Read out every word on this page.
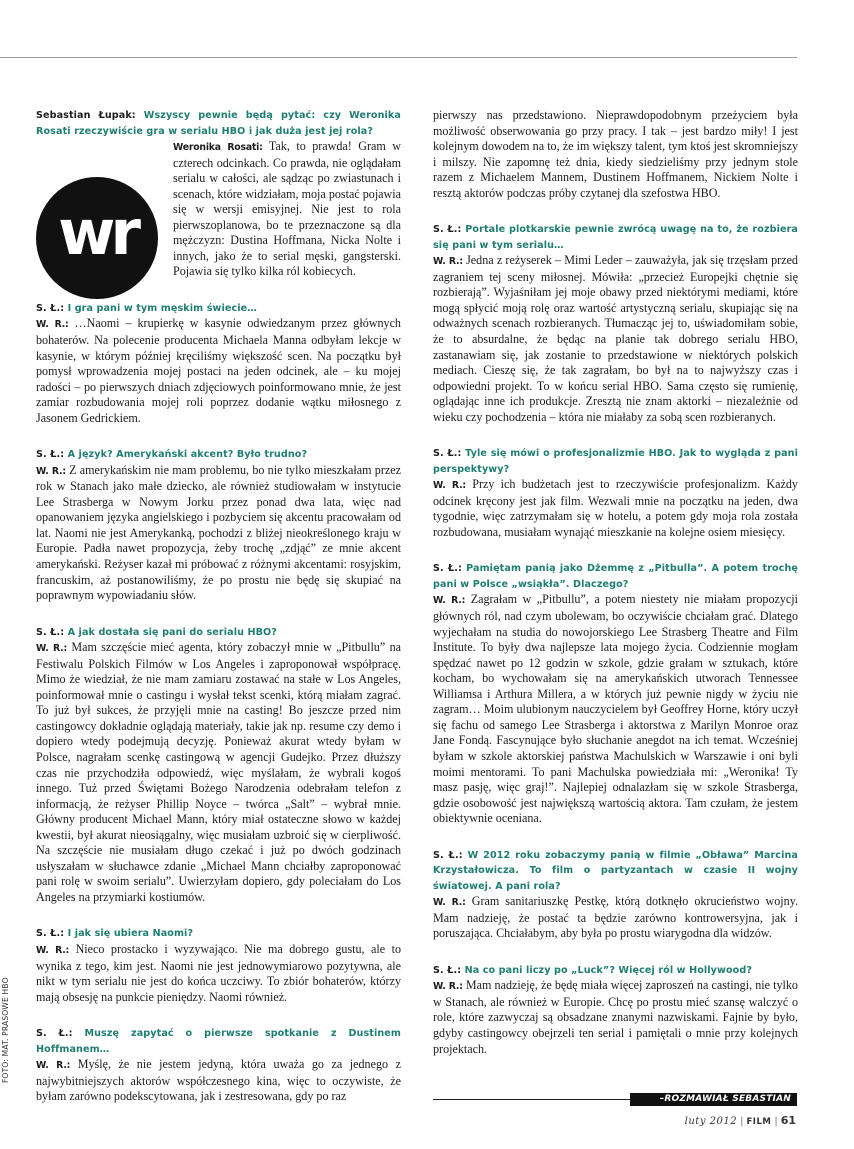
Sebastian Łupak: Wszyscy pewnie będą pytać: czy Weronika Rosati rzeczywiście gra w serialu HBO i jak duża jest jej rola?
wr

Weronika Rosati: Tak, to prawda! Gram w czterech odcinkach. Co prawda, nie oglądałam serialu w całości, ale sądząc po zwiastunach i scenach, które widziałam, moja postać pojawia się w wersji emisyjnej. Nie jest to rola pierwszoplanowa, bo te przeznaczone są dla mężczyzn: Dustina Hoffmana, Nicka Nolte i innych, jako że to serial męski, gangsterski. Pojawia się tylko kilka ról kobiecych.

S. Ł.: I gra pani w tym męskim świecie…

W. R.: …Naomi – krupierkę w kasynie odwiedzanym przez głównych bohaterów. Na polecenie producenta Michaela Manna odbyłam lekcje w kasynie, w którym później kręciliśmy większość scen. Na początku był pomysł wprowadzenia mojej postaci na jeden odcinek, ale – ku mojej radości – po pierwszych dniach zdjęciowych poinformowano mnie, że jest zamiar rozbudowania mojej roli poprzez dodanie wątku miłosnego z Jasonem Gedrickiem.

S. Ł.: A język? Amerykański akcent? Było trudno?

W. R.: Z amerykańskim nie mam problemu, bo nie tylko mieszkałam przez rok w Stanach jako małe dziecko, ale również studiowałam w instytucie Lee Strasberga w Nowym Jorku przez ponad dwa lata, więc nad opanowaniem języka angielskiego i pozbyciem się akcentu pracowałam od lat. Naomi nie jest Amerykanką, pochodzi z bliżej nieokreślonego kraju w Europie. Padła nawet propozycja, żeby trochę „zdjąć” ze mnie akcent amerykański. Reżyser kazał mi próbować z różnymi akcentami: rosyjskim, francuskim, aż postanowiliśmy, że po prostu nie będę się skupiać na poprawnym wypowiadaniu słów.

S. Ł.: A jak dostała się pani do serialu HBO?

W. R.: Mam szczęście mieć agenta, który zobaczył mnie w „Pitbullu” na Festiwalu Polskich Filmów w Los Angeles i zaproponował współpracę. Mimo że wiedział, że nie mam zamiaru zostawać na stałe w Los Angeles, poinformował mnie o castingu i wysłał tekst scenki, którą miałam zagrać. To już był sukces, że przyjęli mnie na casting! Bo jeszcze przed nim castingowcy dokładnie oglądają materiały, takie jak np. resume czy demo i dopiero wtedy podejmują decyzję. Ponieważ akurat wtedy byłam w Polsce, nagrałam scenkę castingową w agencji Gudejko. Przez dłuższy czas nie przychodziła odpowiedź, więc myślałam, że wybrali kogoś innego. Tuż przed Świętami Bożego Narodzenia odebrałam telefon z informacją, że reżyser Phillip Noyce – twórca „Salt” – wybrał mnie. Główny producent Michael Mann, który miał ostateczne słowo w każdej kwestii, był akurat nieosiągalny, więc musiałam uzbroić się w cierpliwość. Na szczęście nie musiałam długo czekać i już po dwóch godzinach usłyszałam w słuchawce zdanie „Michael Mann chciałby zaproponować pani rolę w swoim serialu”. Uwierzyłam dopiero, gdy poleciałam do Los Angeles na przymiarki kostiumów.

S. Ł.: I jak się ubiera Naomi?

W. R.: Nieco prostacko i wyzywająco. Nie ma dobrego gustu, ale to wynika z tego, kim jest. Naomi nie jest jednowymiarowo pozytywna, ale nikt w tym serialu nie jest do końca uczciwy. To zbiór bohaterów, którzy mają obsesję na punkcie pieniędzy. Naomi również.

S. Ł.: Muszę zapytać o pierwsze spotkanie z Dustinem Hoffmanem…

W. R.: Myślę, że nie jestem jedyną, która uważa go za jednego z najwybitniejszych aktorów współczesnego kina, więc to oczywiste, że byłam zarówno podekscytowana, jak i zestresowana, gdy po raz

pierwszy nas przedstawiono. Nieprawdopodobnym przeżyciem była możliwość obserwowania go przy pracy. I tak – jest bardzo miły! I jest kolejnym dowodem na to, że im większy talent, tym ktoś jest skromniejszy i milszy. Nie zapomnę też dnia, kiedy siedzieliśmy przy jednym stole razem z Michaelem Mannem, Dustinem Hoffmanem, Nickiem Nolte i resztą aktorów podczas próby czytanej dla szefostwa HBO.

S. Ł.: Portale plotkarskie pewnie zwrócą uwagę na to, że rozbiera się pani w tym serialu…

W. R.: Jedna z reżyserek – Mimi Leder – zauważyła, jak się trzęsłam przed zagraniem tej sceny miłosnej. Mówiła: „przecież Europejki chętnie się rozbierają”. Wyjaśniłam jej moje obawy przed niektórymi mediami, które mogą spłycić moją rolę oraz wartość artystyczną serialu, skupiając się na odważnych scenach rozbieranych. Tłumacząc jej to, uświadomiłam sobie, że to absurdalne, że będąc na planie tak dobrego serialu HBO, zastanawiam się, jak zostanie to przedstawione w niektórych polskich mediach. Cieszę się, że tak zagrałam, bo był na to najwyższy czas i odpowiedni projekt. To w końcu serial HBO. Sama często się rumienię, oglądając inne ich produkcje. Zresztą nie znam aktorki – niezależnie od wieku czy pochodzenia – która nie miałaby za sobą scen rozbieranych.

S. Ł.: Tyle się mówi o profesjonalizmie HBO. Jak to wygląda z pani perspektywy?

W. R.: Przy ich budżetach jest to rzeczywiście profesjonalizm. Każdy odcinek kręcony jest jak film. Wezwali mnie na początku na jeden, dwa tygodnie, więc zatrzymałam się w hotelu, a potem gdy moja rola została rozbudowana, musiałam wynająć mieszkanie na kolejne osiem miesięcy.

S. Ł.: Pamiętam panią jako Dżemmę z „Pitbulla”. A potem trochę pani w Polsce „wsiąkła”. Dlaczego?

W. R.: Zagrałam w „Pitbullu”, a potem niestety nie miałam propozycji głównych ról, nad czym ubolewam, bo oczywiście chciałam grać. Dlatego wyjechałam na studia do nowojorskiego Lee Strasberg Theatre and Film Institute. To były dwa najlepsze lata mojego życia. Codziennie mogłam spędzać nawet po 12 godzin w szkole, gdzie grałam w sztukach, które kocham, bo wychowałam się na amerykańskich utworach Tennessee Williamsa i Arthura Millera, a w których już pewnie nigdy w życiu nie zagram… Moim ulubionym nauczycielem był Geoffrey Horne, który uczył się fachu od samego Lee Strasberga i aktorstwa z Marilyn Monroe oraz Jane Fondą. Fascynujące było słuchanie anegdot na ich temat. Wcześniej byłam w szkole aktorskiej państwa Machulskich w Warszawie i oni byli moimi mentorami. To pani Machulska powiedziała mi: „Weronika! Ty masz pasję, więc graj!”. Najlepiej odnalazłam się w szkole Strasberga, gdzie osobowość jest największą wartością aktora. Tam czułam, że jestem obiektywnie oceniana.

S. Ł.: W 2012 roku zobaczymy panią w filmie „Obława” Marcina Krzystałowicza. To film o partyzantach w czasie II wojny światowej. A pani rola?

W. R.: Gram sanitariuszkę Pestkę, którą dotknęło okrucieństwo wojny. Mam nadzieję, że postać ta będzie zarówno kontrowersyjna, jak i poruszająca. Chciałabym, aby była po prostu wiarygodna dla widzów.

S. Ł.: Na co pani liczy po „Luck”? Więcej ról w Hollywood?

W. R.: Mam nadzieję, że będę miała więcej zaproszeń na castingi, nie tylko w Stanach, ale również w Europie. Chcę po prostu mieć szansę walczyć o role, które zazwyczaj są obsadzane znanymi nazwiskami. Fajnie by było, gdyby castingowcy obejrzeli ten serial i pamiętali o mnie przy kolejnych projektach.

FOTO: MAT. PRASOWE HBO
–ROZMAWIAŁ SEBASTIAN ŁUPAK
luty 2012 | FILM | 61
